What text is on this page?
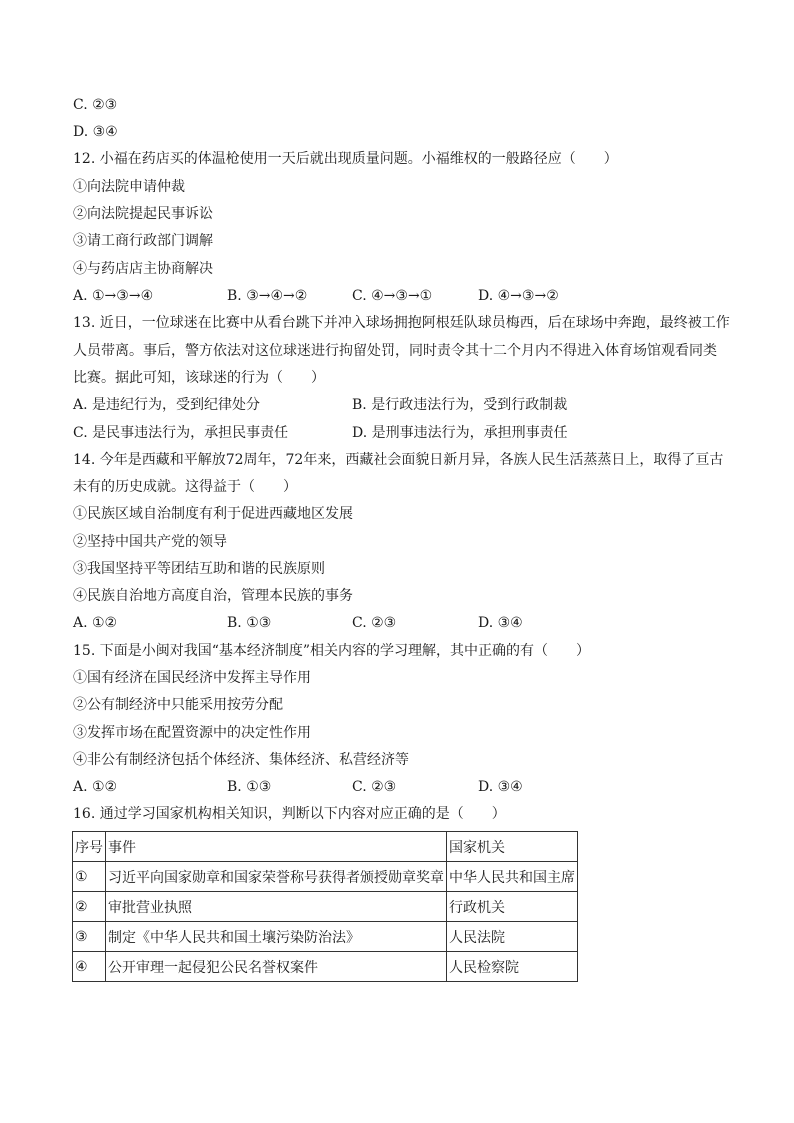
C. ②③
D. ③④
12. 小福在药店买的体温枪使用一天后就出现质量问题。小福维权的一般路径应（　　）
①向法院申请仲裁
②向法院提起民事诉讼
③请工商行政部门调解
④与药店店主协商解决
A. ①→③→④	B. ③→④→②	C. ④→③→①	D. ④→③→②
13. 近日，一位球迷在比赛中从看台跳下并冲入球场拥抱阿根廷队球员梅西，后在球场中奔跑，最终被工作
人员带离。事后，警方依法对这位球迷进行拘留处罚，同时责令其十二个月内不得进入体育场馆观看同类
比赛。据此可知，该球迷的行为（　　）
A. 是违纪行为，受到纪律处分	B. 是行政违法行为，受到行政制裁
C. 是民事违法行为，承担民事责任	D. 是刑事违法行为，承担刑事责任
14. 今年是西藏和平解放72周年，72年来，西藏社会面貌日新月异，各族人民生活蒸蒸日上，取得了亘古
未有的历史成就。这得益于（　　）
①民族区域自治制度有利于促进西藏地区发展
②坚持中国共产党的领导
③我国坚持平等团结互助和谐的民族原则
④民族自治地方高度自治，管理本民族的事务
A. ①②	B. ①③	C. ②③	D. ③④
15. 下面是小闽对我国“基本经济制度”相关内容的学习理解，其中正确的有（　　）
①国有经济在国民经济中发挥主导作用
②公有制经济中只能采用按劳分配
③发挥市场在配置资源中的决定性作用
④非公有制经济包括个体经济、集体经济、私营经济等
A. ①②	B. ①③	C. ②③	D. ③④
16. 通过学习国家机构相关知识，判断以下内容对应正确的是（　　）
序号	事件	国家机关
①	习近平向国家勋章和国家荣誉称号获得者颁授勋章奖章	中华人民共和国主席
②	审批营业执照	行政机关
③	制定《中华人民共和国土壤污染防治法》	人民法院
④	公开审理一起侵犯公民名誉权案件	人民检察院
